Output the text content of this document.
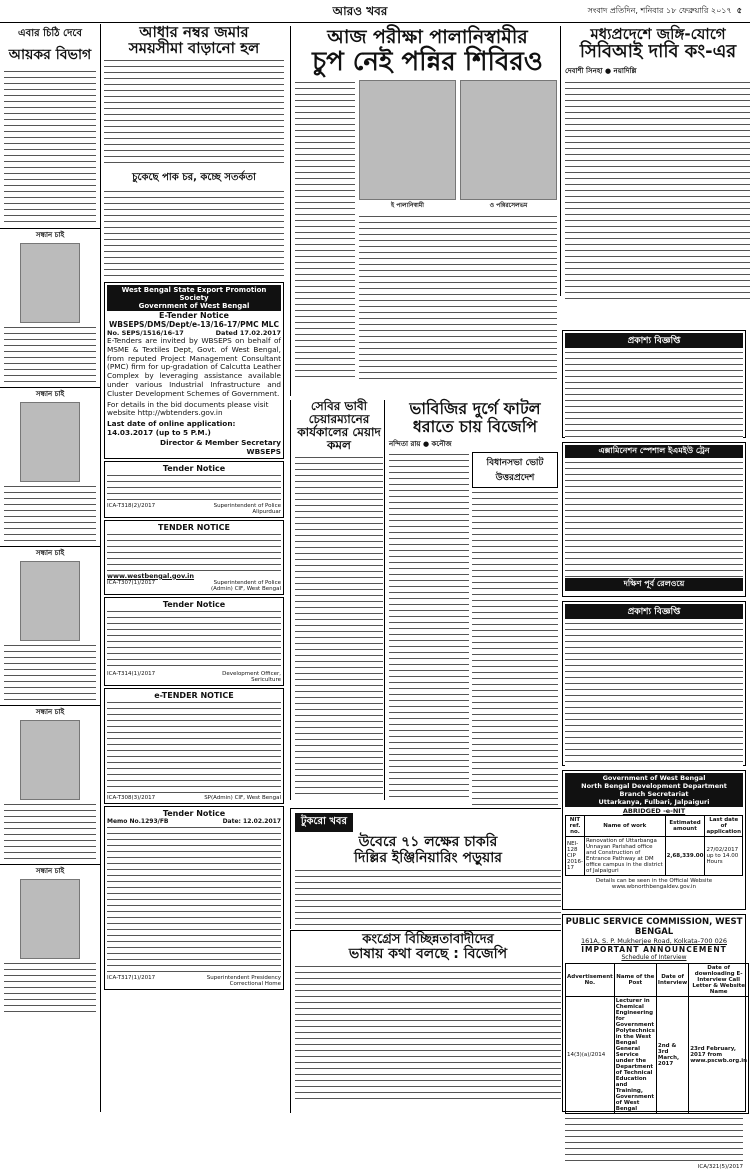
আরও খবর	সংবাদ প্রতিদিন, শনিবার ১৮ ফেব্রুয়ারি ২০১৭ ৫
এবার চিঠি দেবে
আয়কর বিভাগ
সন্ধান চাই
সন্ধান চাই
সন্ধান চাই
সন্ধান চাই
সন্ধান চাই
আধার নম্বর জমার
সময়সীমা বাড়ানো হল
চুকেছে পাক চর, কচ্ছে সতর্কতা
West Bengal State Export Promotion Society
Government of West Bengal
E-Tender Notice
WBSEPS/DMS/Dept/e-13/16-17/PMC MLC
No. SEPS/1516/16-17	Dated 17.02.2017
E-Tenders are invited by WBSEPS on behalf of MSME & Textiles Dept, Govt. of West Bengal, from reputed Project Management Consultant (PMC) firm for up-gradation of Calcutta Leather Complex by leveraging assistance available under various Industrial Infrastructure and Cluster Development Schemes of Government.
For details in the bid documents please visit website http://wbtenders.gov.in
Last date of online application: 14.03.2017 (up to 5 P.M.)
Director & Member Secretary
WBSEPS
Tender Notice
ICA-T318(2)/2017	Superintendent of Police Alipurduar
TENDER NOTICE
www.westbengal.gov.in
ICA-T307(1)/2017	Superintendent of Police (Admin) CIF, West Bengal
Tender Notice
ICA-T314(1)/2017	Development Officer, Sericulture
e-TENDER NOTICE
ICA-T308(3)/2017	SP(Admin) CIF, West Bengal
Tender Notice
Memo No.1293/FB	Date: 12.02.2017
ICA-T317(1)/2017	Superintendent Presidency Correctional Home
আজ পরীক্ষা পালানিস্বামীর
চুপ নেই পন্নির শিবিরও
ই পালানিস্বামী	ও পন্নিরসেলভম
মধ্যপ্রদেশে জঙ্গি-যোগে
সিবিআই দাবি কং-এর
দেবাশী সিনহা ● নয়াদিল্লি
প্রকাশ্য বিজ্ঞপ্তি
এক্সামিনেশন স্পেশাল ইএমইউ ট্রেন
দক্ষিণ পূর্ব রেলওয়ে
প্রকাশ্য বিজ্ঞপ্তি
সেবির ভাবী চেয়ারম্যানের কার্যকালের মেয়াদ কমল
ভাবিজির দুর্গে ফাটল
ধরাতে চায় বিজেপি
নন্দিতা রায় ● কনৌজ
বিধানসভা ভোট উত্তরপ্রদেশ
টুকরো খবর
উবেরে ৭১ লক্ষের চাকরি
দিল্লির ইঞ্জিনিয়ারিং পড়ুয়ার
কংগ্রেস বিচ্ছিন্নতাবাদীদের
ভাষায় কথা বলছে : বিজেপি
Government of West Bengal
North Bengal Development Department
Branch Secretariat
Uttarkanya, Fulbari, Jalpaiguri
ABRIDGED -e-NIT
NIT ref. no.	Name of work	Estimated amount	Last date of application
NEI-128 CIP 2016-17	Renovation of Uttarbanga Unnayan Parishad office and Construction of Entrance Pathway at DM office campus in the district of Jalpaiguri	2,68,339.00	27/02/2017 up to 14.00 Hours
Details can be seen in the Official Website www.wbnorthbengaldev.gov.in
PUBLIC SERVICE COMMISSION, WEST BENGAL
161A, S. P. Mukherjee Road, Kolkata-700 026
IMPORTANT ANNOUNCEMENT
Schedule of Interview
Advertisement No.	Name of the Post	Date of Interview	Date of downloading E-Interview Call Letter & Website Name
14(3)(a)/2014	Lecturer in Chemical Engineering for Government Polytechnics in the West Bengal General Service under the Department of Technical Education and Training, Government of West Bengal	2nd & 3rd March, 2017	23rd February, 2017 from www.pscwb.org.in
ICA/321(5)/2017
